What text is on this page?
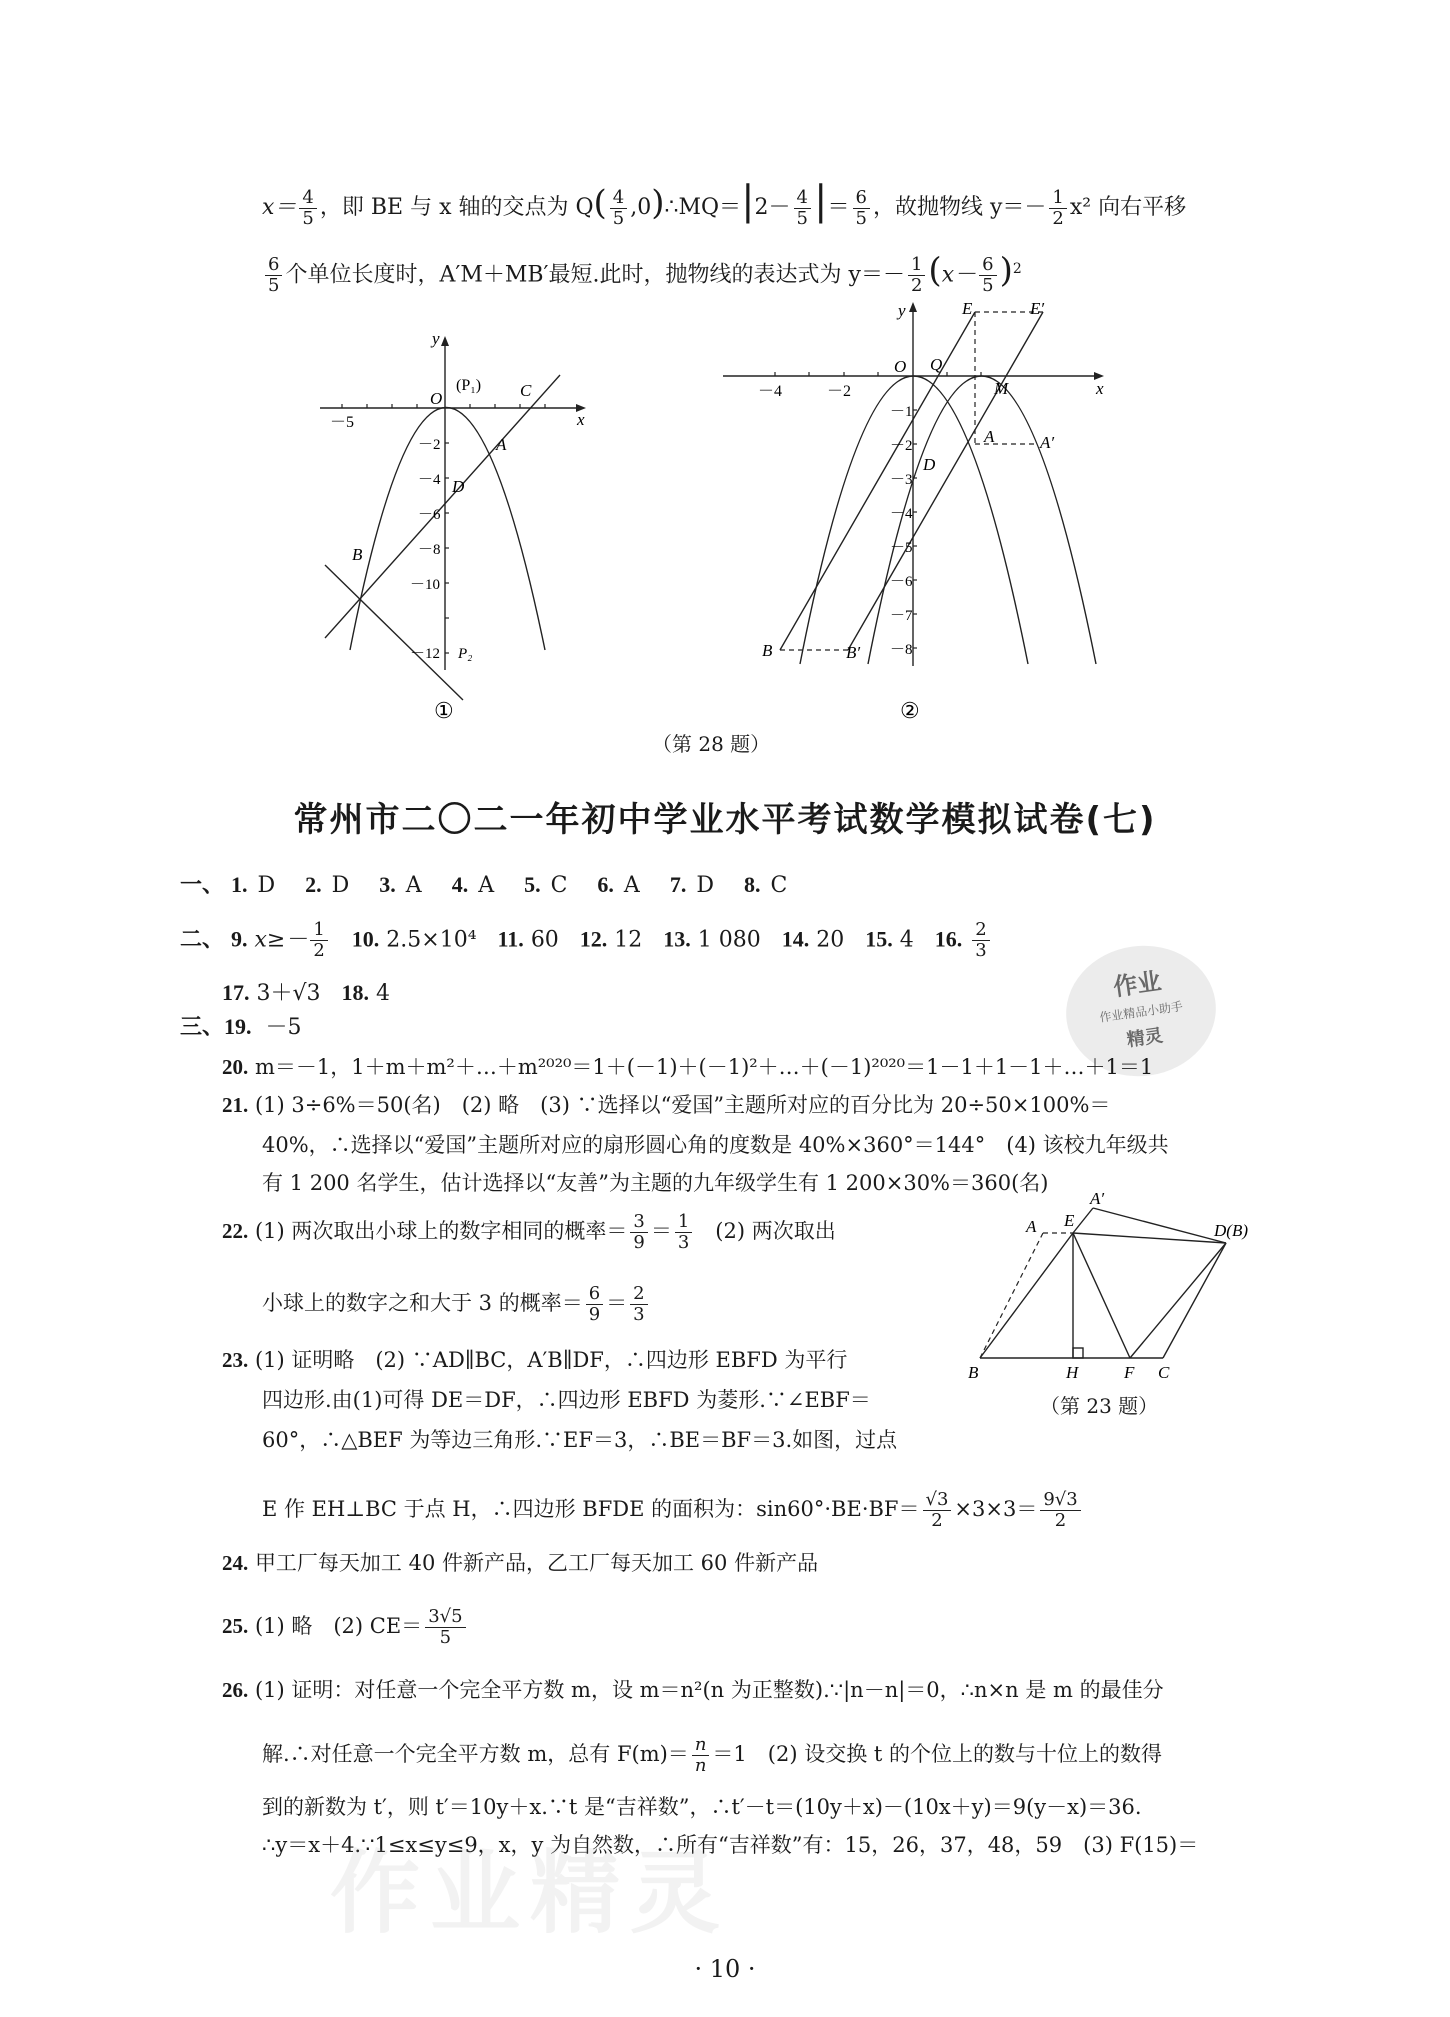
$x= \frac{4}{5}$ ，即 BE 与 x 轴的交点为 $Q( \frac{4}{5}$ ,0)∴MQ＝|2－ $\frac{4}{5}$ |＝ $\frac{6}{5}$ ，故抛物线 $y=- \frac{1}{2} x^2$ 向右平移
$\frac{6}{5}$ 个单位长度时，A′M＋MB′最短.此时，抛物线的表达式为 $y=- \frac{1}{2} (x- \frac{6}{5} )^2$
y
x
－5
O
(P₁) C
A
D
B
P₂
－2
－4
－6
－8
－10
－12
①
y
x
－4	－2
O Q
M
E	E′
A	A′
D
B	B′
－1
－2
－3
－4
－5
－6
－7
－8
②
（第 28 题）
常州市二〇二一年初中学业水平考试数学模拟试卷(七)
一、 1. D 2. D 3. A 4. A 5. C 6. A 7. D 8. C
二、 9. $x\ge- \frac{1}{2} 10$. 2.5×10⁴ 11. 60 12. 12 13. 1 080 14. 20 15. 4 16. $\frac{2}{3}$
17. 3＋√3 18. 4	作业
作业精品小助手
精灵
三、19. －5
20. m＝－1，1＋m＋m²＋…＋m²⁰²⁰＝1＋(－1)＋(－1)²＋…＋(－1)²⁰²⁰＝1－1＋1－1＋…＋1＝1
21. (1) 3÷6%＝50(名)　(2) 略　(3) ∵选择以“爱国”主题所对应的百分比为 20÷50×100%＝
40%，∴选择以“爱国”主题所对应的扇形圆心角的度数是 40%×360°＝144°　(4) 该校九年级共
有 1 200 名学生，估计选择以“友善”为主题的九年级学生有 1 200×30%＝360(名)
22. (1) 两次取出小球上的数字相同的概率＝ $\frac{3}{9} = \frac{1}{3} (2)$ 两次取出
小球上的数字之和大于 3 的概率＝ $\frac{6}{9} = \frac{2}{3}$
23. (1) 证明略　(2) ∵AD∥BC，A′B∥DF，∴四边形 EBFD 为平行
四边形.由(1)可得 DE＝DF，∴四边形 EBFD 为菱形.∵∠EBF＝
60°，∴△BEF 为等边三角形.∵EF＝3，∴BE＝BF＝3.如图，过点
E 作 EH⊥BC 于点 H，∴四边形 BFDE 的面积为：$\sin 60^\circ\cdot BE\cdot BF= \frac{√3}{2} \times 3\times 3= \frac{9√3}{2}$
A
A′
E
D(B)
B	H	F C
（第 23 题）
24. 甲工厂每天加工 40 件新产品，乙工厂每天加工 60 件新产品
25. (1) 略　(2) $CE= \frac{3√5}{5}$
26. (1) 证明：对任意一个完全平方数 m，设 m＝n²(n 为正整数).∵|n－n|＝0，∴n×n 是 m 的最佳分
解.∴对任意一个完全平方数 m，总有 $F(m)= \frac{n}{n} =1$　(2) 设交换 t 的个位上的数与十位上的数得
到的新数为 t′，则 t′＝10y＋x.∵t 是“吉祥数”，∴t′－t＝(10y＋x)－(10x＋y)＝9(y－x)＝36.
∴y＝x＋4.∵1≤x≤y≤9，x，y 为自然数，∴所有“吉祥数”有：15，26，37，48，59　(3) F(15)＝
作业精灵
· 10 ·
